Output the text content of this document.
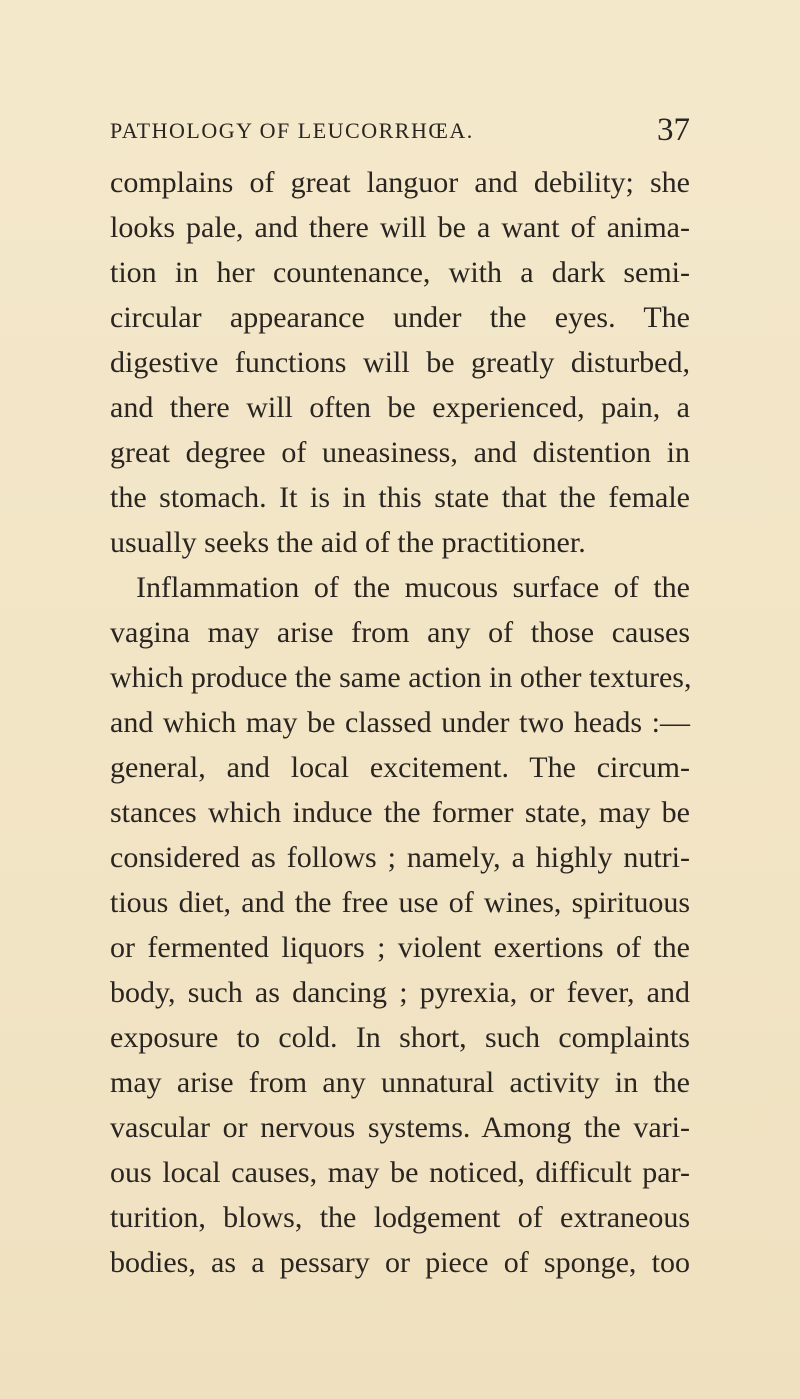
PATHOLOGY OF LEUCORRHŒA.	37
complains of great languor and debility; she
looks pale, and there will be a want of anima-
tion in her countenance, with a dark semi-
circular appearance under the eyes. The
digestive functions will be greatly disturbed,
and there will often be experienced, pain, a
great degree of uneasiness, and distention in
the stomach. It is in this state that the female
usually seeks the aid of the practitioner.
Inflammation of the mucous surface of the
vagina may arise from any of those causes
which produce the same action in other textures,
and which may be classed under two heads :—
general, and local excitement. The circum-
stances which induce the former state, may be
considered as follows ; namely, a highly nutri-
tious diet, and the free use of wines, spirituous
or fermented liquors ; violent exertions of the
body, such as dancing ; pyrexia, or fever, and
exposure to cold. In short, such complaints
may arise from any unnatural activity in the
vascular or nervous systems. Among the vari-
ous local causes, may be noticed, difficult par-
turition, blows, the lodgement of extraneous
bodies, as a pessary or piece of sponge, too
